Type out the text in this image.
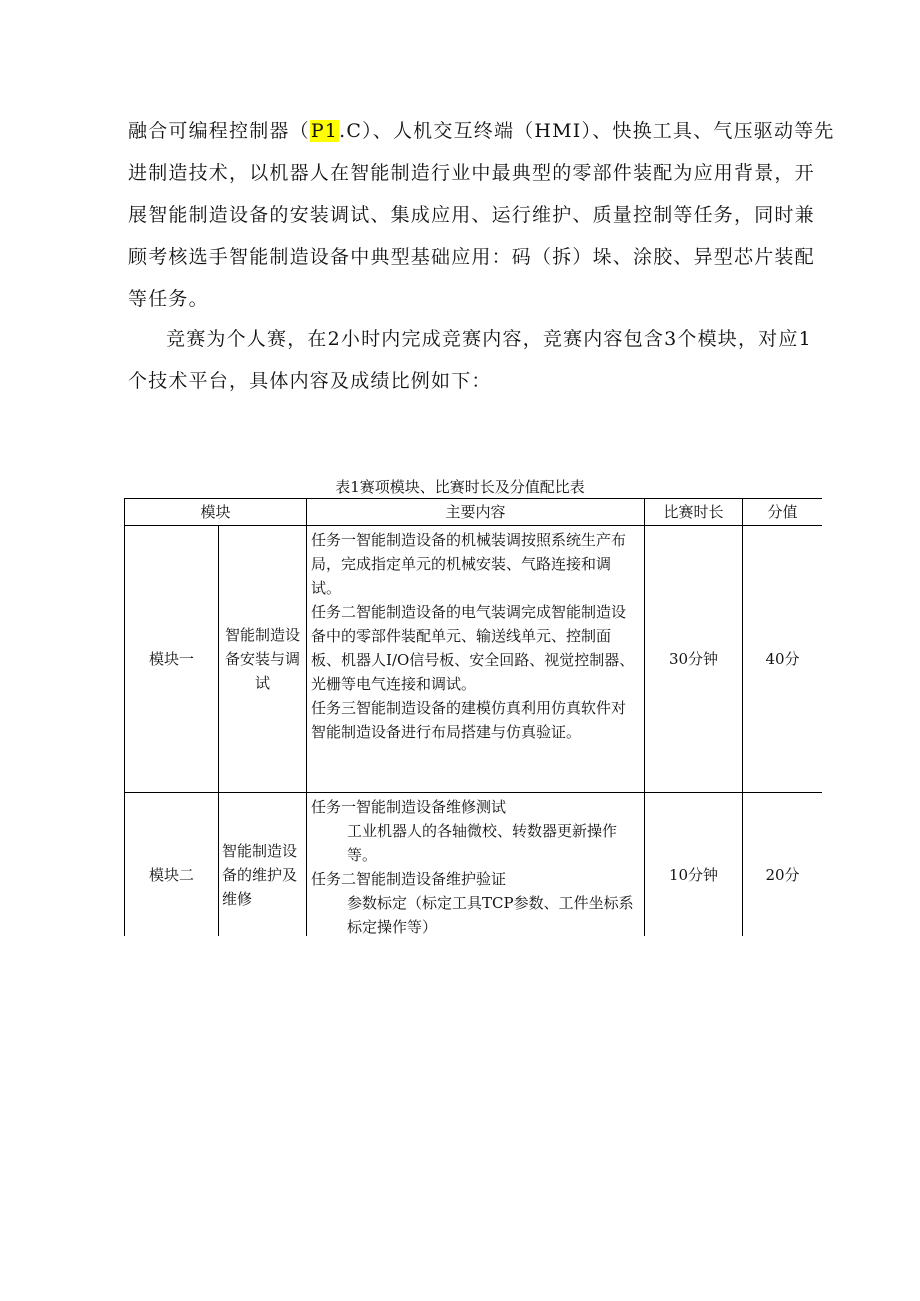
融合可编程控制器（P1.C）、人机交互终端（HMI）、快换工具、气压驱动等先
进制造技术，以机器人在智能制造行业中最典型的零部件装配为应用背景，开
展智能制造设备的安装调试、集成应用、运行维护、质量控制等任务，同时兼
顾考核选手智能制造设备中典型基础应用：码（拆）垛、涂胶、异型芯片装配
等任务。
竞赛为个人赛，在2小时内完成竞赛内容，竞赛内容包含3个模块，对应1
个技术平台，具体内容及成绩比例如下：
表1赛项模块、比赛时长及分值配比表
模块		主要内容	比赛时长	分值
模块一	智能制造设备安装与调试	任务一智能制造设备的机械装调按照系统生产布局，完成指定单元的机械安装、气路连接和调试。
任务二智能制造设备的电气装调完成智能制造设备中的零部件装配单元、输送线单元、控制面板、机器人I/O信号板、安全回路、视觉控制器、光栅等电气连接和调试。
任务三智能制造设备的建模仿真利用仿真软件对智能制造设备进行布局搭建与仿真验证。	30分钟	40分
模块二	智能制造设备的维护及维修	任务一智能制造设备维修测试
工业机器人的各轴微校、转数器更新操作等。
任务二智能制造设备维护验证
参数标定（标定工具TCP参数、工件坐标系标定操作等）	10分钟	20分
